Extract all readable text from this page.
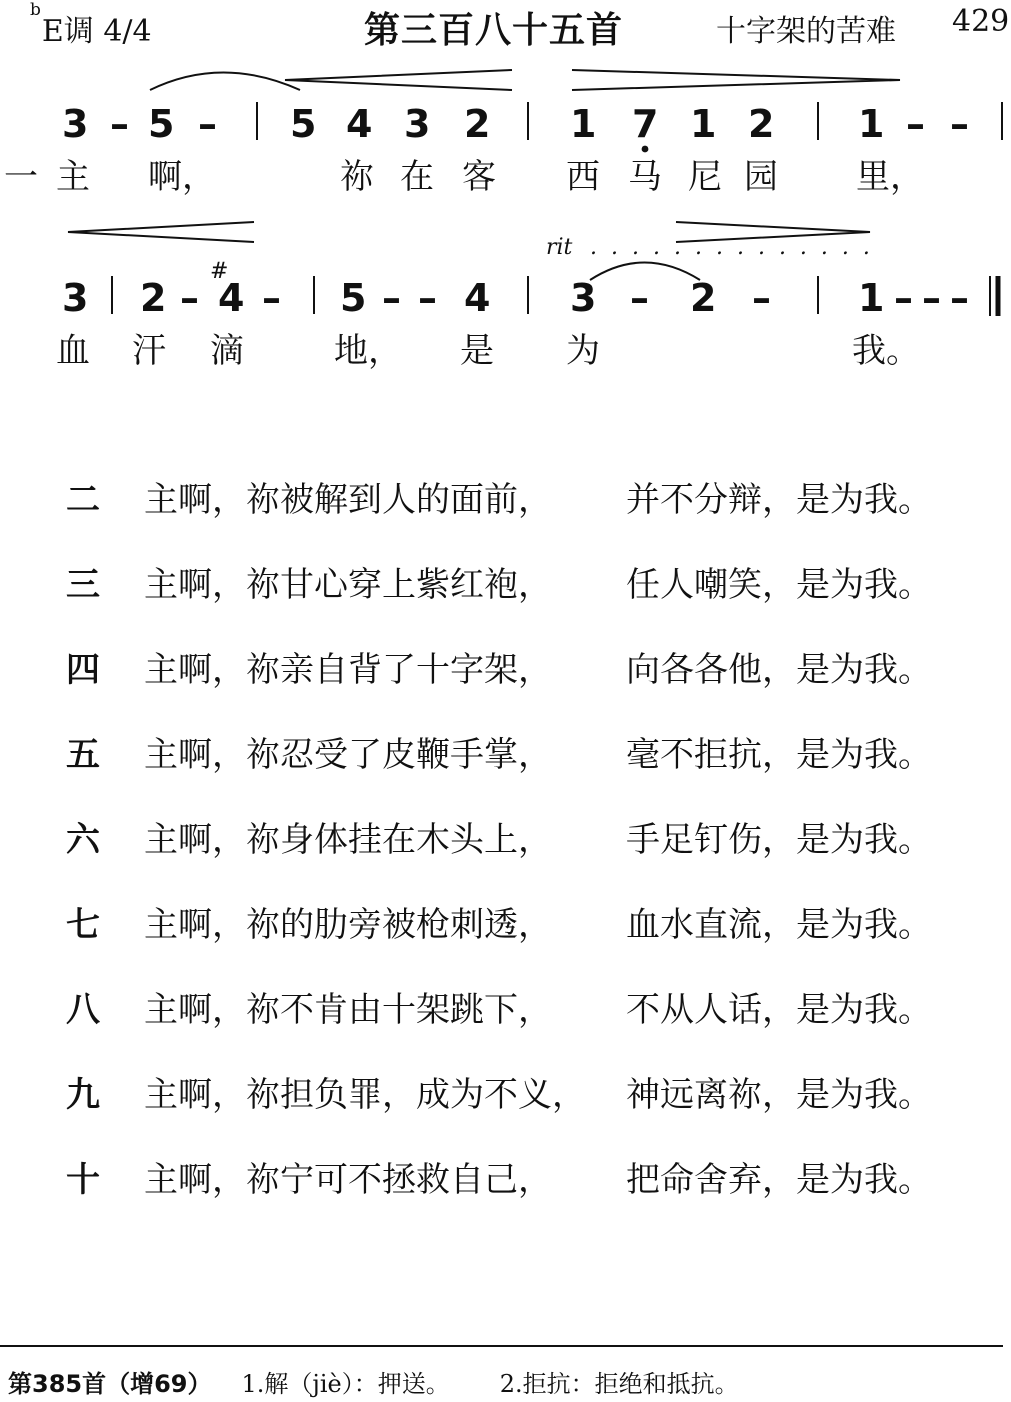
$^b$E调 4/4	第三百八十五首	十字架的苦难 429
3 – 5 – 5 4 3 2 1 7 1 2 1 – –
一 主 啊，	祢 在 客 西 马 尼 园 里，
rit ..............
3 2 –
#
4 – 5 – – 4 3 – 2 – 1 – – –
血 汗 滴	地， 是 为	我。
二 主啊，祢被解到人的面前， 并不分辩，是为我。
三 主啊，祢甘心穿上紫红袍， 任人嘲笑，是为我。
四 主啊，祢亲自背了十字架， 向各各他，是为我。
五 主啊，祢忍受了皮鞭手掌， 毫不拒抗，是为我。
六 主啊，祢身体挂在木头上， 手足钉伤，是为我。
七 主啊，祢的肋旁被枪刺透， 血水直流，是为我。
八 主啊，祢不肯由十架跳下， 不从人话，是为我。
九 主啊，祢担负罪，成为不义， 神远离祢，是为我。
十 主啊，祢宁可不拯救自己， 把命舍弃，是为我。
第385首（增69） 1.解（jiè）：押送。 2.拒抗：拒绝和抵抗。
